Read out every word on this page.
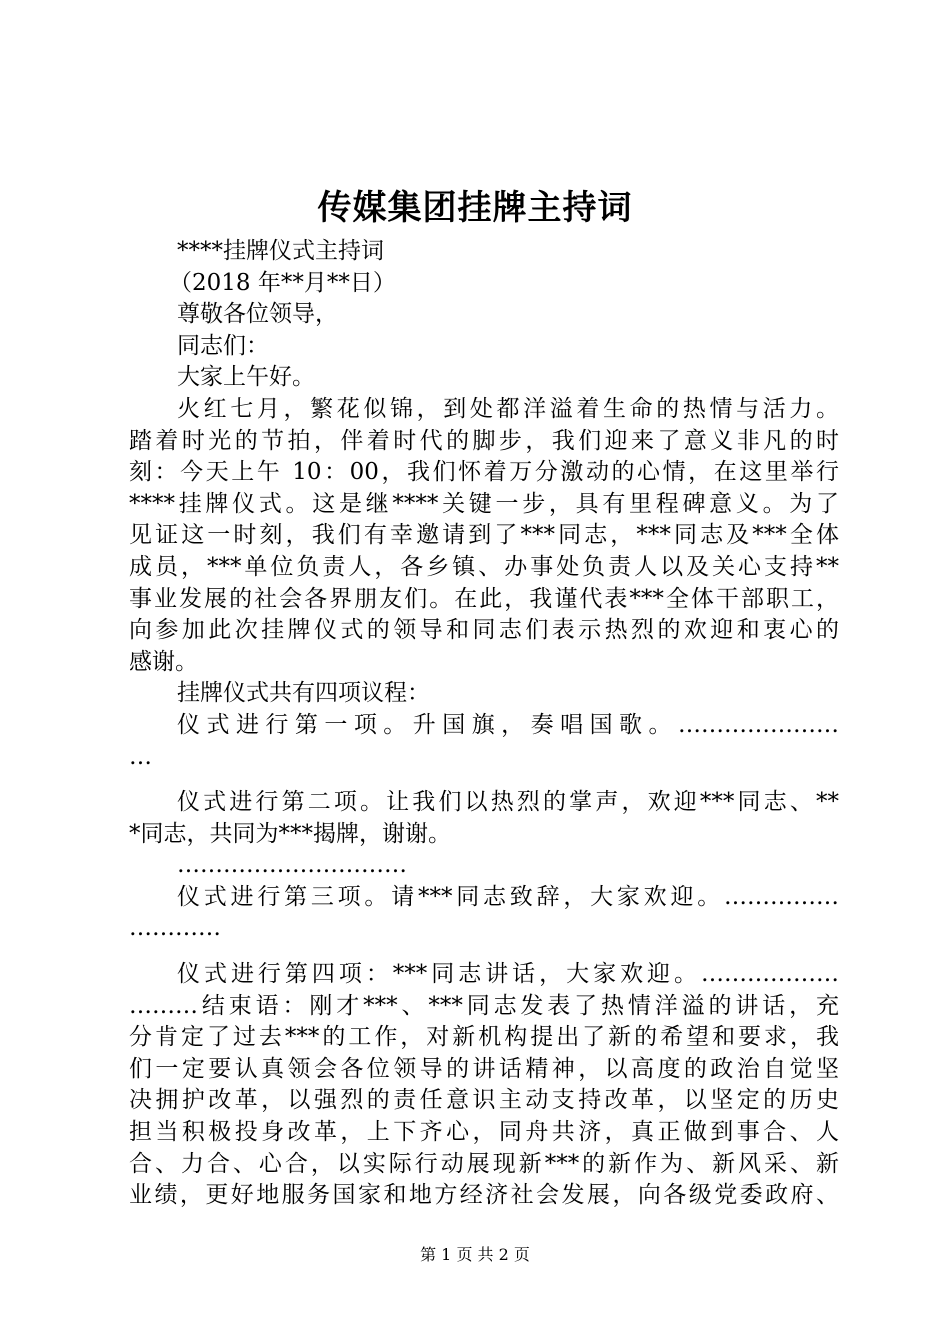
传媒集团挂牌主持词
****挂牌仪式主持词
（2018 年**月**日）
尊敬各位领导，
同志们：
大家上午好。
火红七月，繁花似锦，到处都洋溢着生命的热情与活力。
踏着时光的节拍，伴着时代的脚步，我们迎来了意义非凡的时
刻：今天上午 10：00，我们怀着万分激动的心情，在这里举行
****挂牌仪式。这是继****关键一步，具有里程碑意义。为了
见证这一时刻，我们有幸邀请到了***同志，***同志及***全体
成员，***单位负责人，各乡镇、办事处负责人以及关心支持**
事业发展的社会各界朋友们。在此，我谨代表***全体干部职工，
向参加此次挂牌仪式的领导和同志们表示热烈的欢迎和衷心的
感谢。
挂牌仪式共有四项议程：
仪式进行第一项。升国旗，奏唱国歌。…………………
…
仪式进行第二项。让我们以热烈的掌声，欢迎***同志、**
*同志，共同为***揭牌，谢谢。
…………………………
仪式进行第三项。请***同志致辞，大家欢迎。……………
…………
仪式进行第四项：***同志讲话，大家欢迎。………………
………结束语：刚才***、***同志发表了热情洋溢的讲话，充
分肯定了过去***的工作，对新机构提出了新的希望和要求，我
们一定要认真领会各位领导的讲话精神，以高度的政治自觉坚
决拥护改革，以强烈的责任意识主动支持改革，以坚定的历史
担当积极投身改革，上下齐心，同舟共济，真正做到事合、人
合、力合、心合，以实际行动展现新***的新作为、新风采、新
业绩，更好地服务国家和地方经济社会发展，向各级党委政府、
第 1 页 共 2 页
